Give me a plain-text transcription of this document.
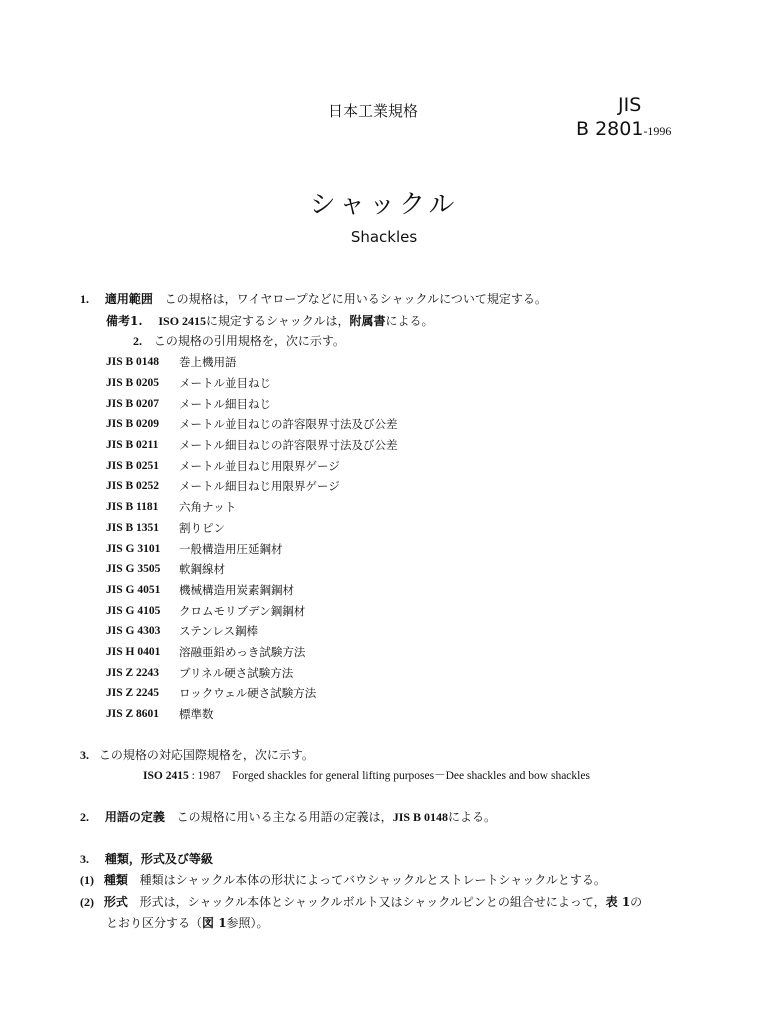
日本工業規格	JIS
B 2801-1996
シャックル
Shackles
1. 適用範囲 この規格は，ワイヤロープなどに用いるシャックルについて規定する。
備考1. ISO 2415に規定するシャックルは，附属書による。
2. この規格の引用規格を，次に示す。
JIS B 0148	巻上機用語
JIS B 0205	メートル並目ねじ
JIS B 0207	メートル細目ねじ
JIS B 0209	メートル並目ねじの許容限界寸法及び公差
JIS B 0211	メートル細目ねじの許容限界寸法及び公差
JIS B 0251	メートル並目ねじ用限界ゲージ
JIS B 0252	メートル細目ねじ用限界ゲージ
JIS B 1181	六角ナット
JIS B 1351	割りピン
JIS G 3101	一般構造用圧延鋼材
JIS G 3505	軟鋼線材
JIS G 4051	機械構造用炭素鋼鋼材
JIS G 4105	クロムモリブデン鋼鋼材
JIS G 4303	ステンレス鋼棒
JIS H 0401	溶融亜鉛めっき試験方法
JIS Z 2243	ブリネル硬さ試験方法
JIS Z 2245	ロックウェル硬さ試験方法
JIS Z 8601	標準数
3. この規格の対応国際規格を，次に示す。
ISO 2415 : 1987　Forged shackles for general lifting purposes－Dee shackles and bow shackles
2. 用語の定義 この規格に用いる主なる用語の定義は，JIS B 0148による。
3. 種類，形式及び等級
(1) 種類 種類はシャックル本体の形状によってバウシャックルとストレートシャックルとする。
(2) 形式 形式は，シャックル本体とシャックルボルト又はシャックルピンとの組合せによって，表 1の
とおり区分する（図 1参照）。
